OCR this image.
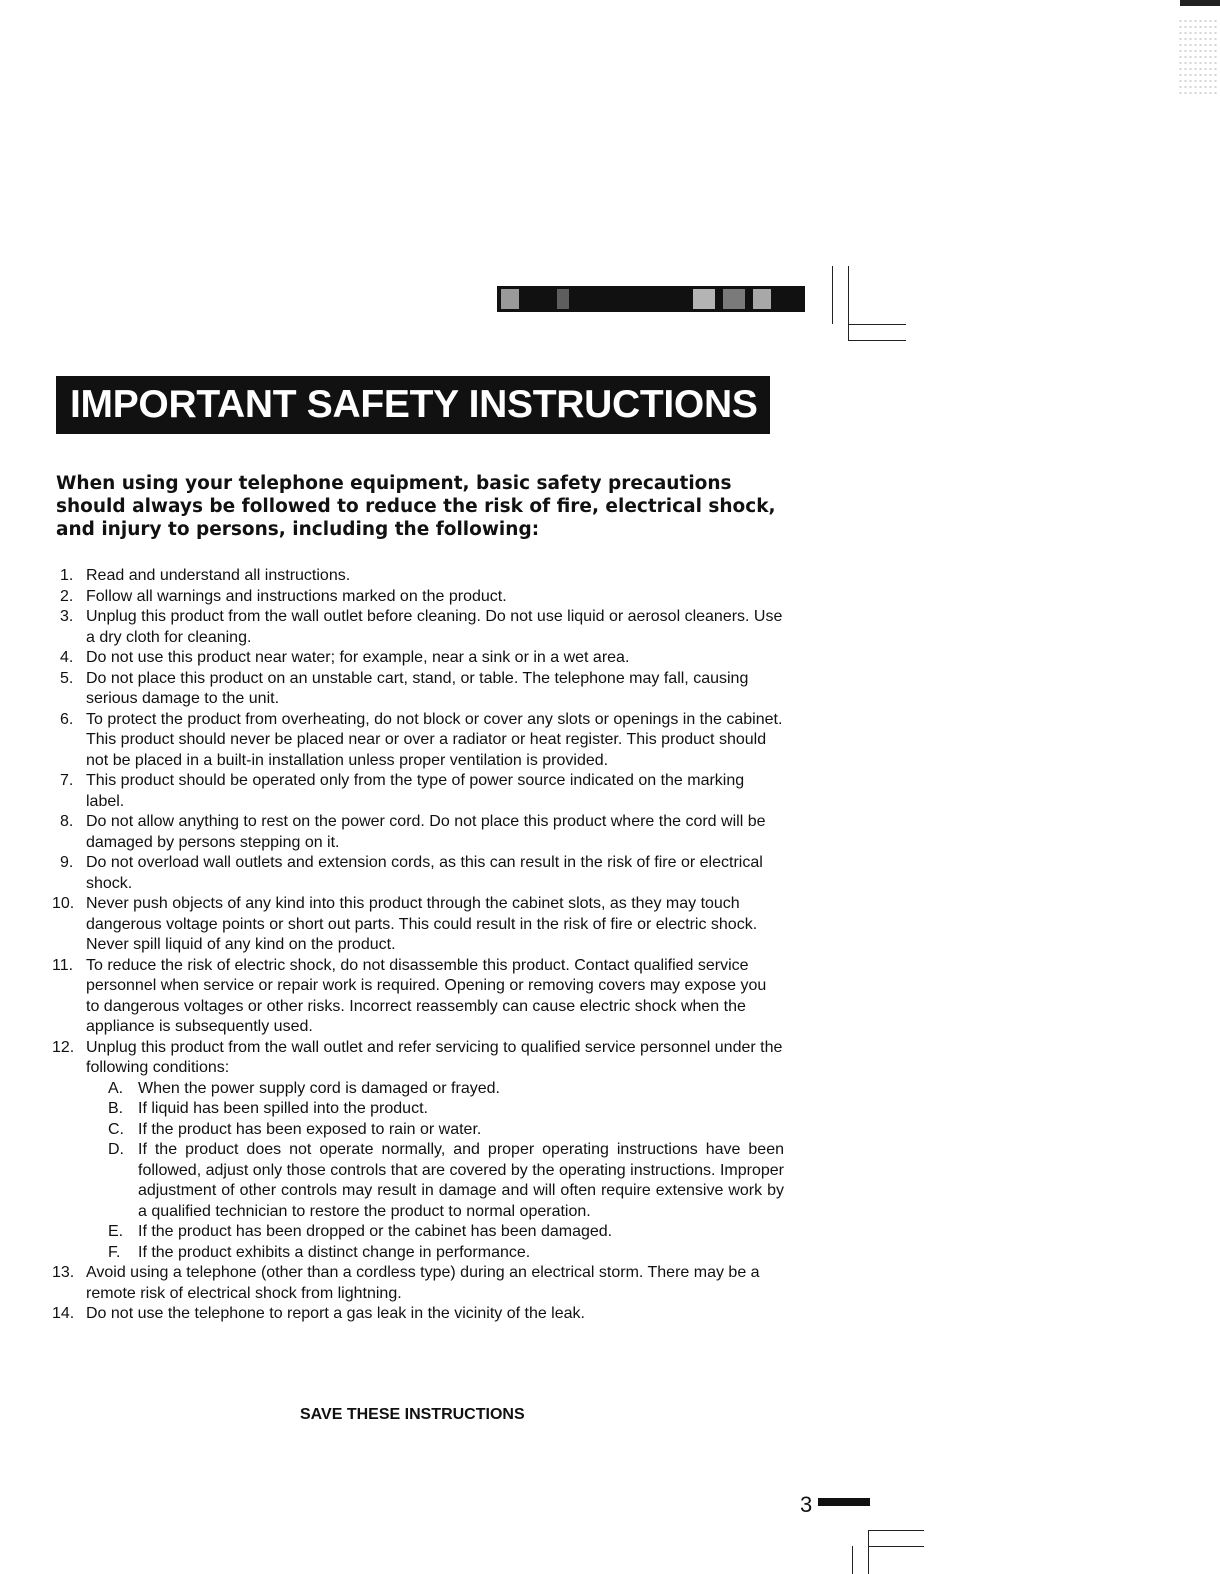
IMPORTANT SAFETY INSTRUCTIONS

When using your telephone equipment, basic safety precautions should always be followed to reduce the risk of fire, electrical shock, and injury to persons, including the following:

1. Read and understand all instructions.
2. Follow all warnings and instructions marked on the product.
3. Unplug this product from the wall outlet before cleaning. Do not use liquid or aerosol cleaners. Use a dry cloth for cleaning.
4. Do not use this product near water; for example, near a sink or in a wet area.
5. Do not place this product on an unstable cart, stand, or table. The telephone may fall, causing serious damage to the unit.
6. To protect the product from overheating, do not block or cover any slots or openings in the cabinet. This product should never be placed near or over a radiator or heat register. This product should not be placed in a built-in installation unless proper ventilation is provided.
7. This product should be operated only from the type of power source indicated on the marking label.
8. Do not allow anything to rest on the power cord. Do not place this product where the cord will be damaged by persons stepping on it.
9. Do not overload wall outlets and extension cords, as this can result in the risk of fire or electrical shock.
10. Never push objects of any kind into this product through the cabinet slots, as they may touch dangerous voltage points or short out parts. This could result in the risk of fire or electric shock. Never spill liquid of any kind on the product.
11. To reduce the risk of electric shock, do not disassemble this product. Contact qualified service personnel when service or repair work is required. Opening or removing covers may expose you to dangerous voltages or other risks. Incorrect reassembly can cause electric shock when the appliance is subsequently used.
12. Unplug this product from the wall outlet and refer servicing to qualified service personnel under the following conditions:
A. When the power supply cord is damaged or frayed.
B. If liquid has been spilled into the product.
C. If the product has been exposed to rain or water.
D. If the product does not operate normally, and proper operating instructions have been followed, adjust only those controls that are covered by the operating instructions. Improper adjustment of other controls may result in damage and will often require extensive work by a qualified technician to restore the product to normal operation.
E. If the product has been dropped or the cabinet has been damaged.
F. If the product exhibits a distinct change in performance.
13. Avoid using a telephone (other than a cordless type) during an electrical storm. There may be a remote risk of electrical shock from lightning.
14. Do not use the telephone to report a gas leak in the vicinity of the leak.
SAVE THESE INSTRUCTIONS
3
